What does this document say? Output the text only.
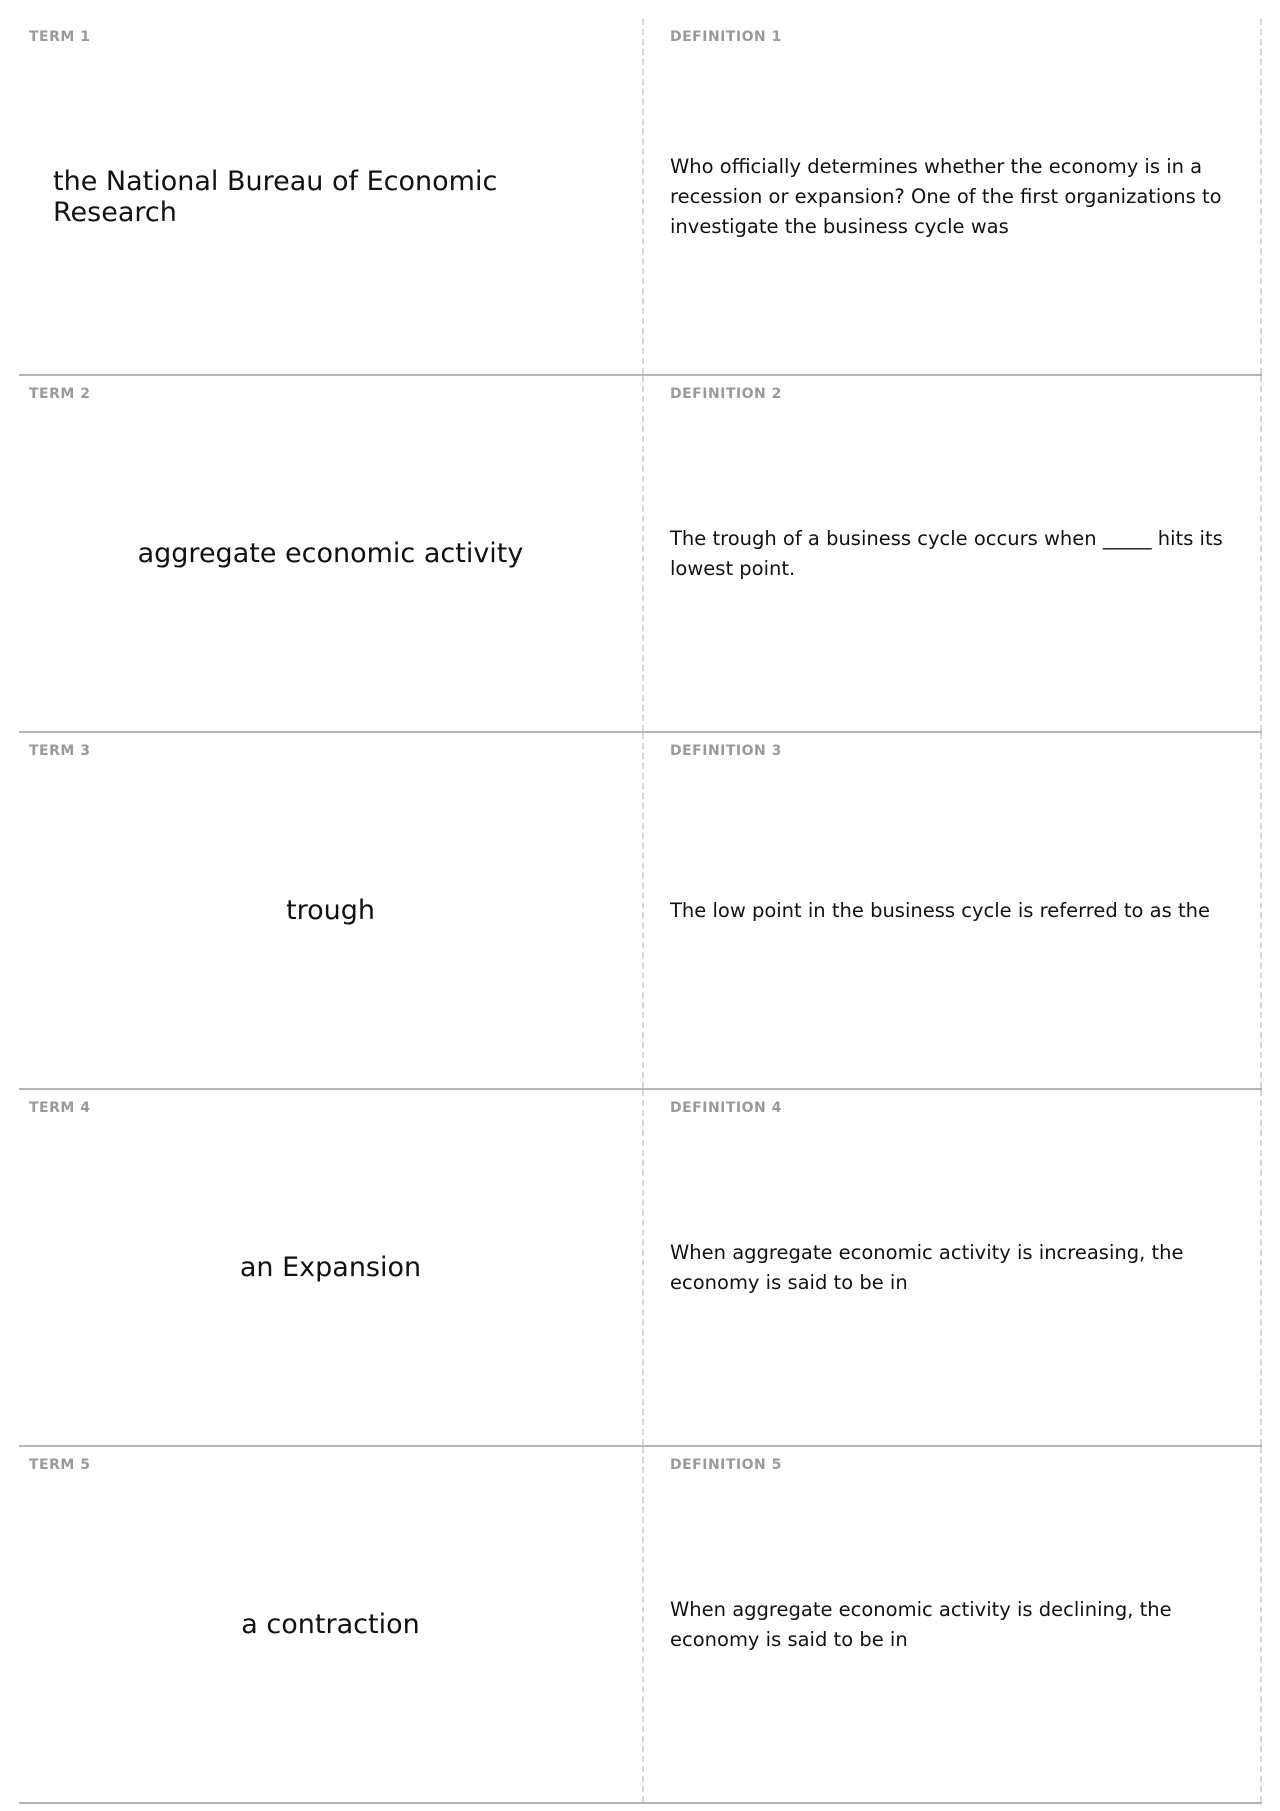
TERM 1
the National Bureau of Economic Research
DEFINITION 1
Who officially determines whether the economy is in a recession or expansion? One of the first organizations to investigate the business cycle was
TERM 2
aggregate economic activity
DEFINITION 2
The trough of a business cycle occurs when _____ hits its lowest point.
TERM 3
trough
DEFINITION 3
The low point in the business cycle is referred to as the
TERM 4
an Expansion
DEFINITION 4
When aggregate economic activity is increasing, the economy is said to be in
TERM 5
a contraction
DEFINITION 5
When aggregate economic activity is declining, the economy is said to be in
